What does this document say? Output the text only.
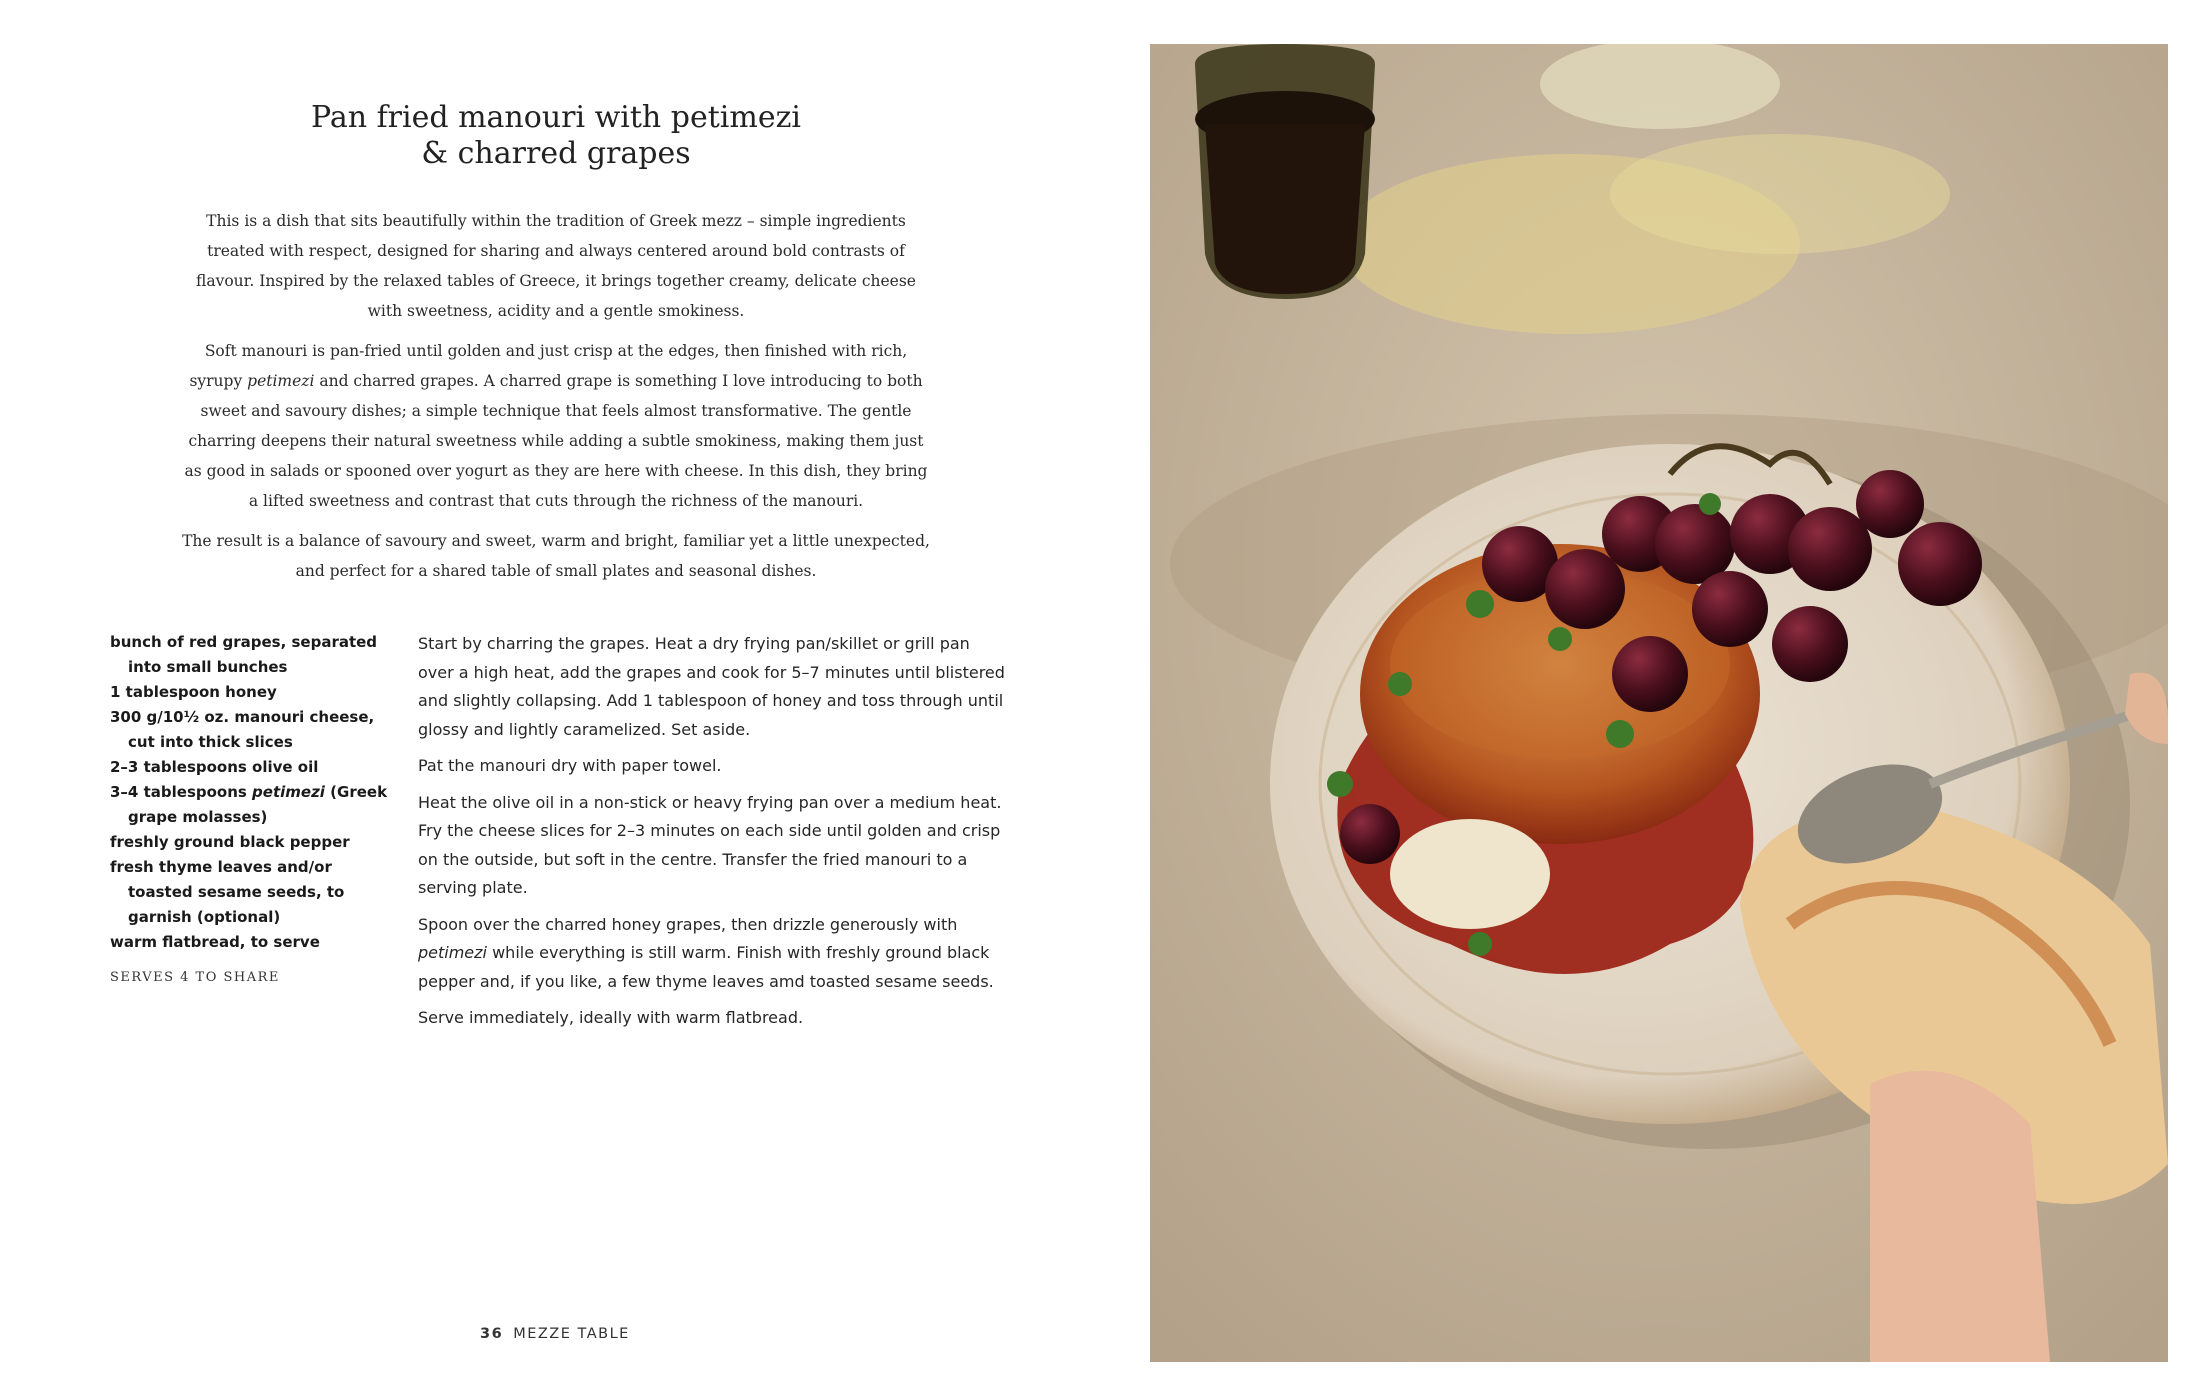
Pan fried manouri with petimezi
& charred grapes

This is a dish that sits beautifully within the tradition of Greek mezz – simple ingredients treated with respect, designed for sharing and always centered around bold contrasts of flavour. Inspired by the relaxed tables of Greece, it brings together creamy, delicate cheese with sweetness, acidity and a gentle smokiness.

Soft manouri is pan-fried until golden and just crisp at the edges, then finished with rich, syrupy petimezi and charred grapes. A charred grape is something I love introducing to both sweet and savoury dishes; a simple technique that feels almost transformative. The gentle charring deepens their natural sweetness while adding a subtle smokiness, making them just as good in salads or spooned over yogurt as they are here with cheese. In this dish, they bring a lifted sweetness and contrast that cuts through the richness of the manouri.

The result is a balance of savoury and sweet, warm and bright, familiar yet a little unexpected, and perfect for a shared table of small plates and seasonal dishes.

bunch of red grapes, separated into small bunches
1 tablespoon honey
300 g/10½ oz. manouri cheese, cut into thick slices
2–3 tablespoons olive oil
3–4 tablespoons petimezi (Greek grape molasses)
freshly ground black pepper
fresh thyme leaves and/or toasted sesame seeds, to garnish (optional)
warm flatbread, to serve
SERVES 4 TO SHARE

Start by charring the grapes. Heat a dry frying pan/skillet or grill pan over a high heat, add the grapes and cook for 5–7 minutes until blistered and slightly collapsing. Add 1 tablespoon of honey and toss through until glossy and lightly caramelized. Set aside.

Pat the manouri dry with paper towel.

Heat the olive oil in a non-stick or heavy frying pan over a medium heat. Fry the cheese slices for 2–3 minutes on each side until golden and crisp on the outside, but soft in the centre. Transfer the fried manouri to a serving plate.

Spoon over the charred honey grapes, then drizzle generously with petimezi while everything is still warm. Finish with freshly ground black pepper and, if you like, a few thyme leaves amd toasted sesame seeds.

Serve immediately, ideally with warm flatbread.

36 MEZZE TABLE
